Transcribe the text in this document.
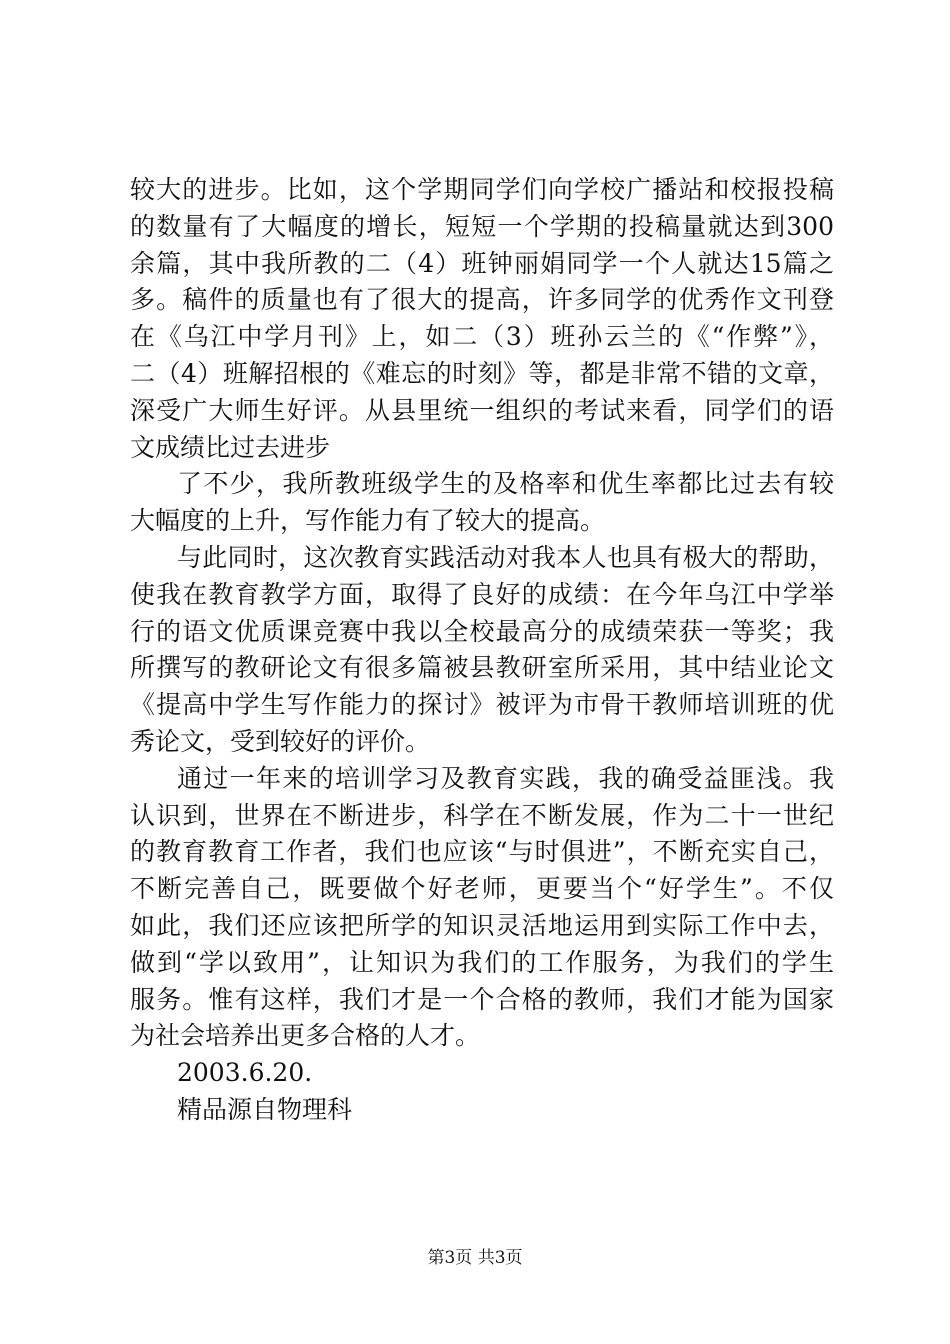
较大的进步。比如，这个学期同学们向学校广播站和校报投稿
的数量有了大幅度的增长，短短一个学期的投稿量就达到300
余篇，其中我所教的二（4）班钟丽娟同学一个人就达15篇之
多。稿件的质量也有了很大的提高，许多同学的优秀作文刊登
在《乌江中学月刊》上，如二（3）班孙云兰的《“作弊”》，
二（4）班解招根的《难忘的时刻》等，都是非常不错的文章，
深受广大师生好评。从县里统一组织的考试来看，同学们的语
文成绩比过去进步
了不少，我所教班级学生的及格率和优生率都比过去有较
大幅度的上升，写作能力有了较大的提高。
与此同时，这次教育实践活动对我本人也具有极大的帮助，
使我在教育教学方面，取得了良好的成绩：在今年乌江中学举
行的语文优质课竞赛中我以全校最高分的成绩荣获一等奖；我
所撰写的教研论文有很多篇被县教研室所采用，其中结业论文
《提高中学生写作能力的探讨》被评为市骨干教师培训班的优
秀论文，受到较好的评价。
通过一年来的培训学习及教育实践，我的确受益匪浅。我
认识到，世界在不断进步，科学在不断发展，作为二十一世纪
的教育教育工作者，我们也应该“与时俱进”，不断充实自己，
不断完善自己，既要做个好老师，更要当个“好学生”。不仅
如此，我们还应该把所学的知识灵活地运用到实际工作中去，
做到“学以致用”，让知识为我们的工作服务，为我们的学生
服务。惟有这样，我们才是一个合格的教师，我们才能为国家
为社会培养出更多合格的人才。
2003.6.20.
精品源自物理科
第3页 共3页
